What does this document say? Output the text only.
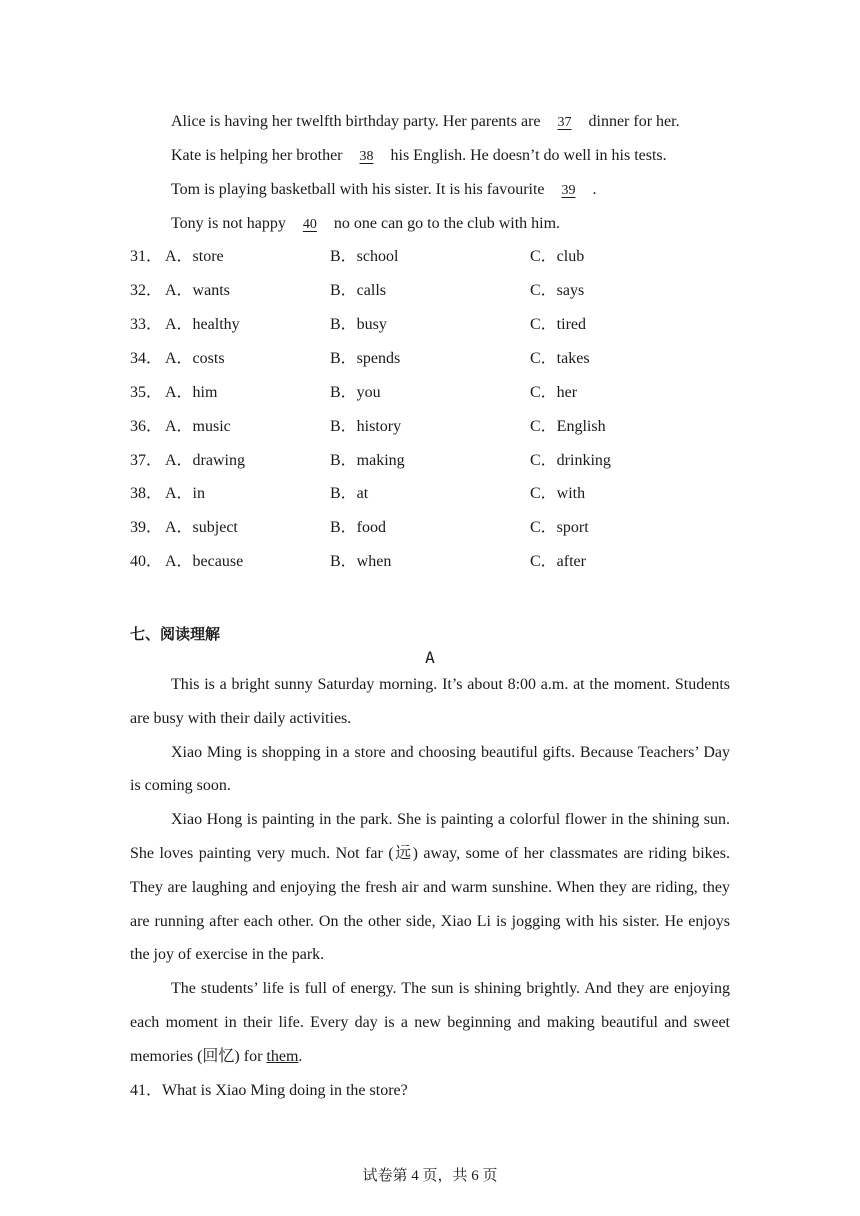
Alice is having her twelfth birthday party. Her parents are 37 dinner for her.
Kate is helping her brother 38 his English. He doesn’t do well in his tests.
Tom is playing basketball with his sister. It is his favourite 39 .
Tony is not happy 40 no one can go to the club with him.
31． A．store	B．school	C．club
32． A．wants	B．calls	C．says
33． A．healthy	B．busy	C．tired
34． A．costs	B．spends	C．takes
35． A．him	B．you	C．her
36． A．music	B．history	C．English
37． A．drawing	B．making	C．drinking
38． A．in	B．at	C．with
39． A．subject	B．food	C．sport
40． A．because	B．when	C．after
七、阅读理解
A

This is a bright sunny Saturday morning. It’s about 8:00 a.m. at the moment. Students are busy with their daily activities.

Xiao Ming is shopping in a store and choosing beautiful gifts. Because Teachers’ Day is coming soon.

Xiao Hong is painting in the park. She is painting a colorful flower in the shining sun. She loves painting very much. Not far (远) away, some of her classmates are riding bikes. They are laughing and enjoying the fresh air and warm sunshine. When they are riding, they are running after each other. On the other side, Xiao Li is jogging with his sister. He enjoys the joy of exercise in the park.

The students’ life is full of energy. The sun is shining brightly. And they are enjoying each moment in their life. Every day is a new beginning and making beautiful and sweet memories (回忆) for them.

41．What is Xiao Ming doing in the store?
试卷第 4 页，共 6 页
